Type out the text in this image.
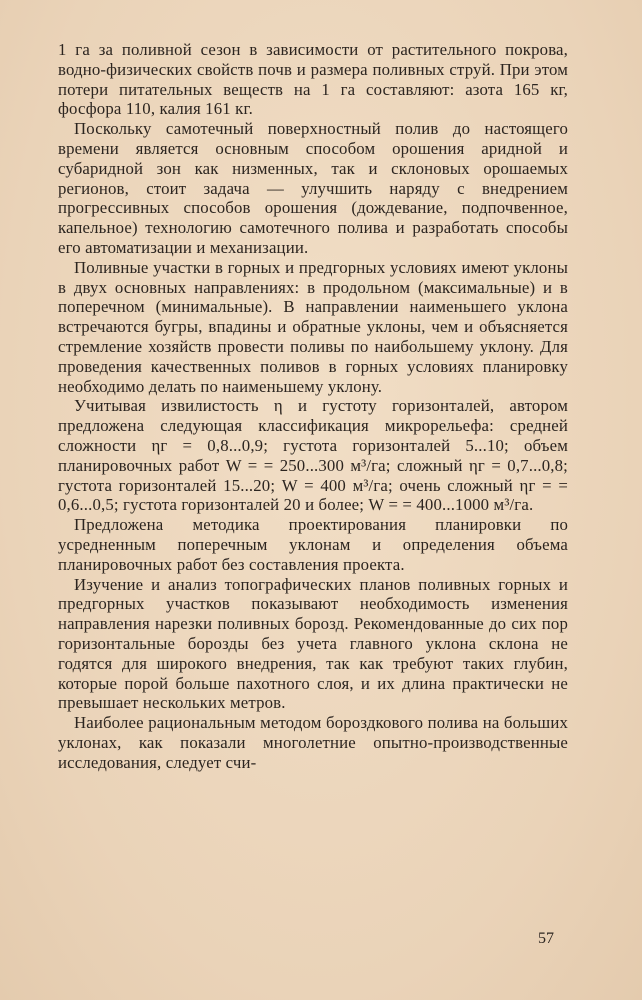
1 га за поливной сезон в зависимости от растительного покрова, водно-физических свойств почв и размера поливных струй. При этом потери питательных веществ на 1 га составляют: азота 165 кг, фосфора 110, калия 161 кг.

Поскольку самотечный поверхностный полив до настоящего времени является основным способом орошения аридной и субаридной зон как низменных, так и склоновых орошаемых регионов, стоит задача — улучшить наряду с внедрением прогрессивных способов орошения (дождевание, подпочвенное, капельное) технологию самотечного полива и разработать способы его автоматизации и механизации.

Поливные участки в горных и предгорных условиях имеют уклоны в двух основных направлениях: в продольном (максимальные) и в поперечном (минимальные). В направлении наименьшего уклона встречаются бугры, впадины и обратные уклоны, чем и объясняется стремление хозяйств провести поливы по наибольшему уклону. Для проведения качественных поливов в горных условиях планировку необходимо делать по наименьшему уклону.

Учитывая извилистость η и густоту горизонталей, автором предложена следующая классификация микрорельефа: средней сложности ηг = 0,8...0,9; густота горизонталей 5...10; объем планировочных работ W = = 250...300 м³/га; сложный ηг = 0,7...0,8; густота горизонталей 15...20; W = 400 м³/га; очень сложный ηг = = 0,6...0,5; густота горизонталей 20 и более; W = = 400...1000 м³/га.

Предложена методика проектирования планировки по усредненным поперечным уклонам и определения объема планировочных работ без составления проекта.

Изучение и анализ топографических планов поливных горных и предгорных участков показывают необходимость изменения направления нарезки поливных борозд. Рекомендованные до сих пор горизонтальные борозды без учета главного уклона склона не годятся для широкого внедрения, так как требуют таких глубин, которые порой больше пахотного слоя, и их длина практически не превышает нескольких метров.

Наиболее рациональным методом бороздкового полива на больших уклонах, как показали многолетние опытно-производственные исследования, следует счи-

57
